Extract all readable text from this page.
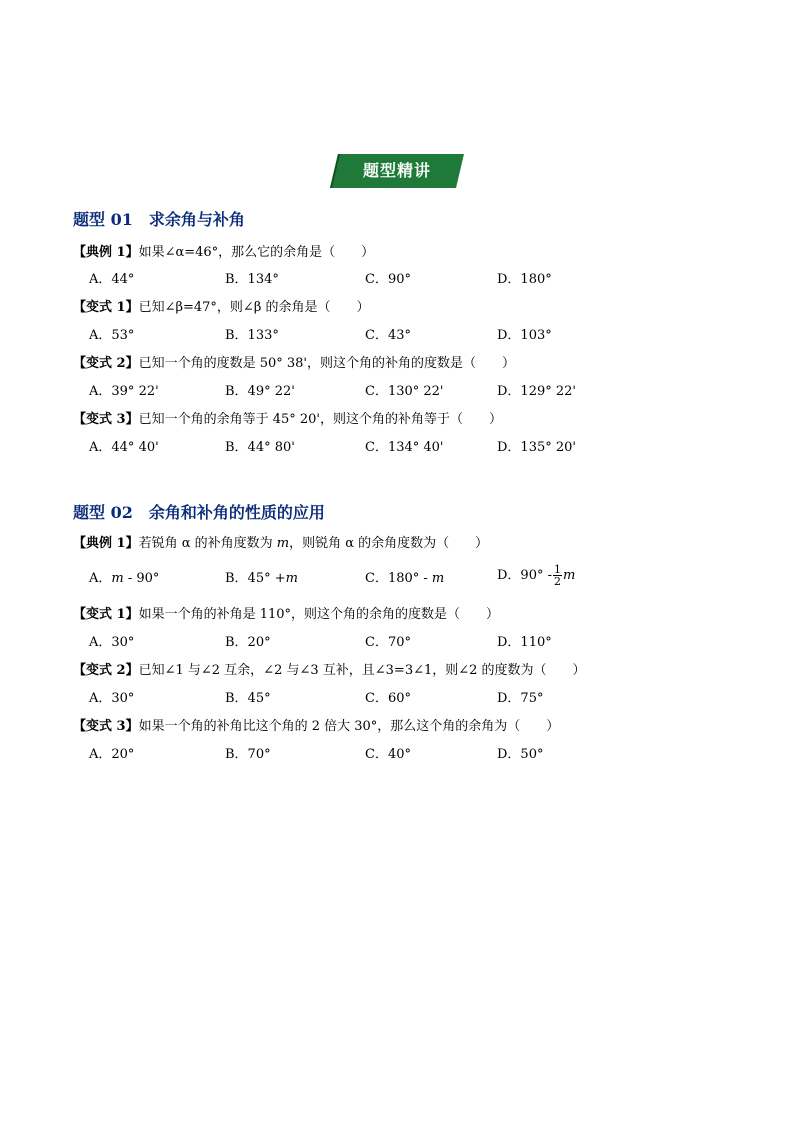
题型精讲
题型 01 求余角与补角
【典例 1】如果∠α=46°，那么它的余角是（　　）
A．44°	B．134°	C．90°	D．180°
【变式 1】已知∠β=47°，则∠β 的余角是（　　）
A．53°	B．133°	C．43°	D．103°
【变式 2】已知一个角的度数是 50° 38'，则这个角的补角的度数是（　　）
A．39° 22'	B．49° 22'	C．130° 22'	D．129° 22'
【变式 3】已知一个角的余角等于 45° 20'，则这个角的补角等于（　　）
A．44° 40'	B．44° 80'	C．134° 40'	D．135° 20'
题型 02 余角和补角的性质的应用
【典例 1】若锐角 α 的补角度数为 m，则锐角 α 的余角度数为（　　）
A．m - 90°	B．45° +m	C．180° - m	D．$90^\circ - \frac{1}{2}$ m
【变式 1】如果一个角的补角是 110°，则这个角的余角的度数是（　　）
A．30°	B．20°	C．70°	D．110°
【变式 2】已知∠1 与∠2 互余，∠2 与∠3 互补，且∠3=3∠1，则∠2 的度数为（　　）
A．30°	B．45°	C．60°	D．75°
【变式 3】如果一个角的补角比这个角的 2 倍大 30°，那么这个角的余角为（　　）
A．20°	B．70°	C．40°	D．50°
